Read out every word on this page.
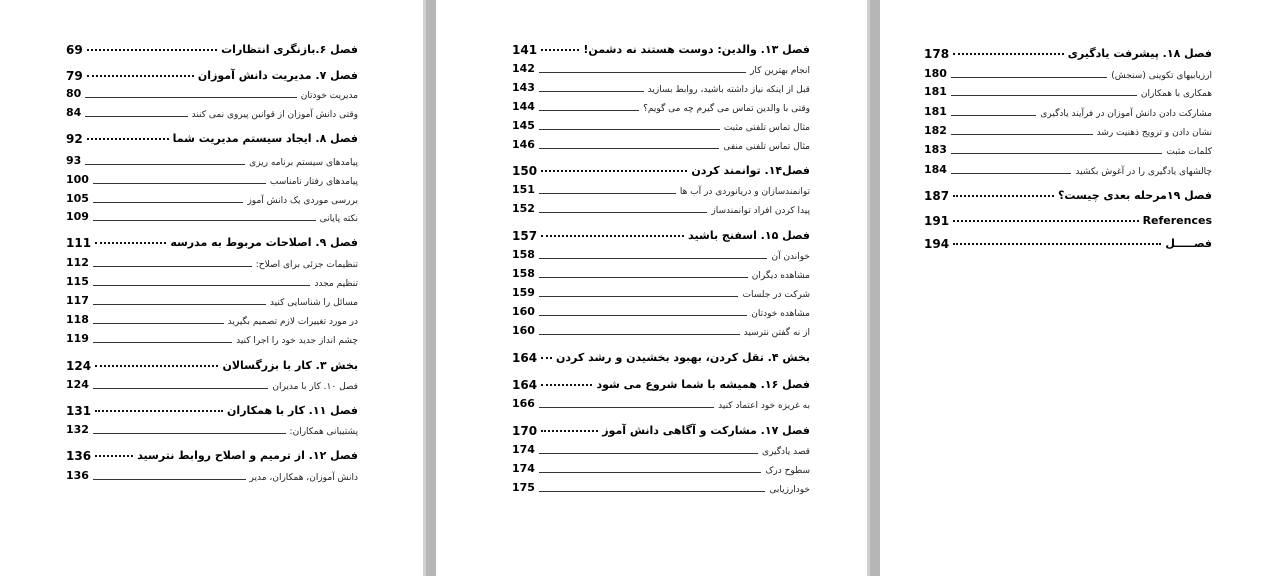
69	فصل ۶.بازنگری انتظارات
79	فصل ۷. مدیریت دانش آموزان
80	مدیریت خودتان
84	وقتی دانش آموزان از قوانین پیروی نمی کنند
92	فصل ۸. ایجاد سیستم مدیریت شما
93	پیامدهای سیستم برنامه ریزی
100	پیامدهای رفتار نامناسب
105	بررسی موردی یک دانش آموز
109	نکته پایانی
111	فصل ۹. اصلاحات مربوط به مدرسه
112	تنظیمات جزئی برای اصلاح:
115	تنظیم مجدد
117	مسائل را شناسایی کنید
118	در مورد تغییرات لازم تصمیم بگیرید
119	چشم انداز جدید خود را اجرا کنید
124	بخش ۳. کار با بزرگسالان
124	فصل ۱۰. کار با مدیران
131	فصل ۱۱. کار با همکاران
132	پشتیبانی همکاران:
136	فصل ۱۲. از ترمیم و اصلاح روابط نترسید
136	دانش آموزان، همکاران، مدیر
141	فصل ۱۳. والدین: دوست هستند نه دشمن!
142	انجام بهترین کار
143	قبل از اینکه نیاز داشته باشید، روابط بسازید
144	وقتی با والدین تماس می گیرم چه می گویم؟
145	مثال تماس تلفنی مثبت
146	مثال تماس تلفنی منفی
150	فصل۱۴. توانمند کردن
151	توانمندسازان و دریانوردی در آب ها
152	پیدا کردن افراد توانمندساز
157	فصل ۱۵. اسفنج باشید
158	خواندن آن
158	مشاهده دیگران
159	شرکت در جلسات
160	مشاهده خودتان
160	از نه گفتن نترسید
164 بخش ۴. تقل کردن، بهبود بخشیدن و رشد کردن
164	فصل ۱۶. همیشه با شما شروع می شود
166	به غریزه خود اعتماد کنید
170	فصل ۱۷. مشارکت و آگاهی دانش آموز
174	قصد یادگیری
174	سطوح درک
175	خودارزیابی
178	فصل ۱۸. پیشرفت یادگیری
180	ارزیابیهای تکوینی (سنجش)
181	همکاری با همکاران
181	مشارکت دادن دانش آموزان در فرآیند یادگیری
182	نشان دادن و ترویج ذهنیت رشد
183	کلمات مثبت
184	چالشهای یادگیری را در آغوش بکشید
187	فصل ۱۹مرحله بعدی چیست؟
191	References
194	فصـــــل
